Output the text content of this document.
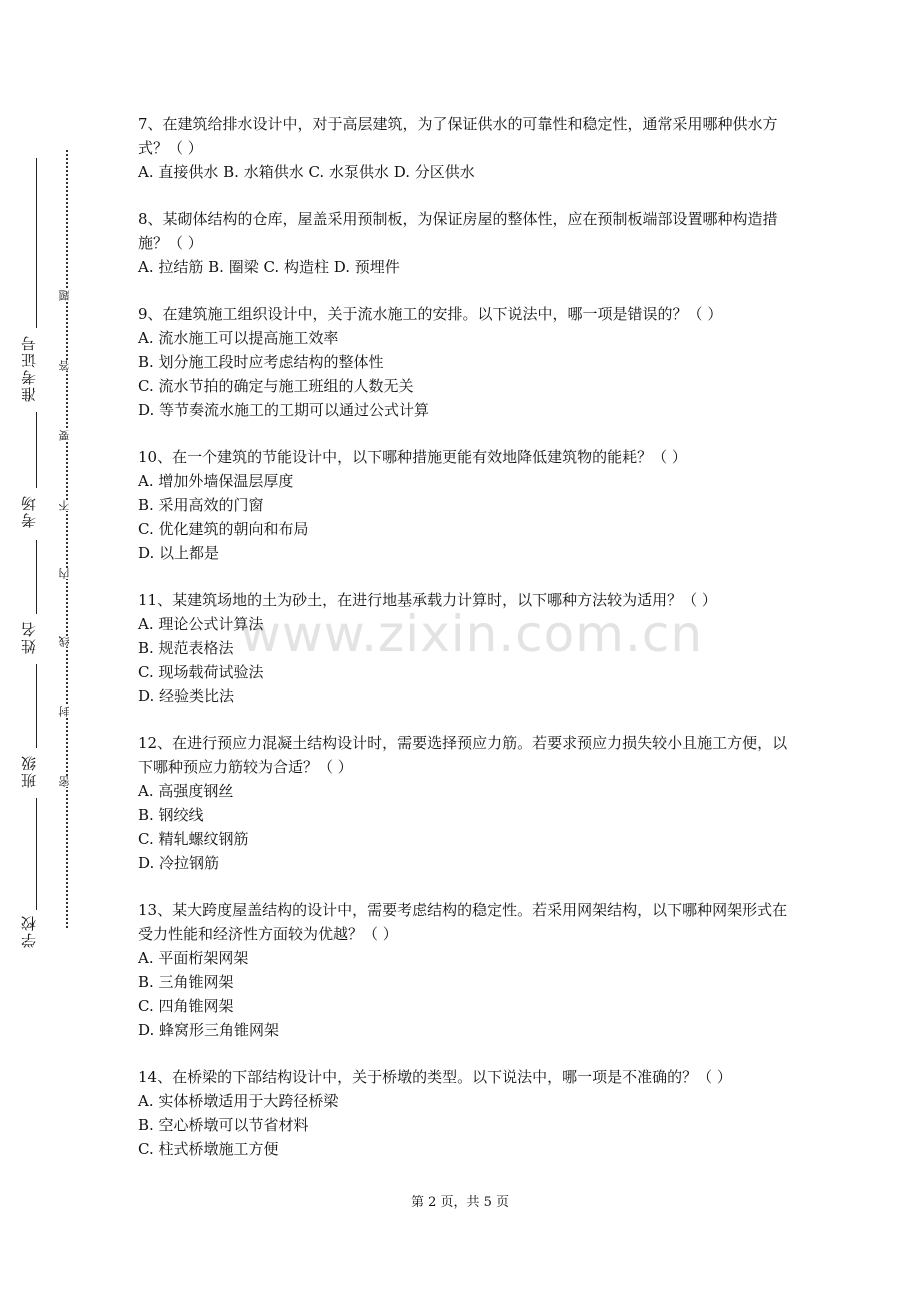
准考证号
考场
姓名
班级
学校
题
答
要
不
内
线
封
密
www.zixin.com.cn
7、在建筑给排水设计中，对于高层建筑，为了保证供水的可靠性和稳定性，通常采用哪种供水方式？（ ）
A. 直接供水 B. 水箱供水 C. 水泵供水 D. 分区供水
8、某砌体结构的仓库，屋盖采用预制板，为保证房屋的整体性，应在预制板端部设置哪种构造措施？（ ）
A. 拉结筋 B. 圈梁 C. 构造柱 D. 预埋件
9、在建筑施工组织设计中，关于流水施工的安排。以下说法中，哪一项是错误的？（ ）
A. 流水施工可以提高施工效率
B. 划分施工段时应考虑结构的整体性
C. 流水节拍的确定与施工班组的人数无关
D. 等节奏流水施工的工期可以通过公式计算
10、在一个建筑的节能设计中，以下哪种措施更能有效地降低建筑物的能耗？（ ）
A. 增加外墙保温层厚度
B. 采用高效的门窗
C. 优化建筑的朝向和布局
D. 以上都是
11、某建筑场地的土为砂土，在进行地基承载力计算时，以下哪种方法较为适用？（ ）
A. 理论公式计算法
B. 规范表格法
C. 现场载荷试验法
D. 经验类比法
12、在进行预应力混凝土结构设计时，需要选择预应力筋。若要求预应力损失较小且施工方便，以下哪种预应力筋较为合适？（ ）
A. 高强度钢丝
B. 钢绞线
C. 精轧螺纹钢筋
D. 冷拉钢筋
13、某大跨度屋盖结构的设计中，需要考虑结构的稳定性。若采用网架结构，以下哪种网架形式在受力性能和经济性方面较为优越？（ ）
A. 平面桁架网架
B. 三角锥网架
C. 四角锥网架
D. 蜂窝形三角锥网架
14、在桥梁的下部结构设计中，关于桥墩的类型。以下说法中，哪一项是不准确的？（ ）
A. 实体桥墩适用于大跨径桥梁
B. 空心桥墩可以节省材料
C. 柱式桥墩施工方便
第 2 页，共 5 页
